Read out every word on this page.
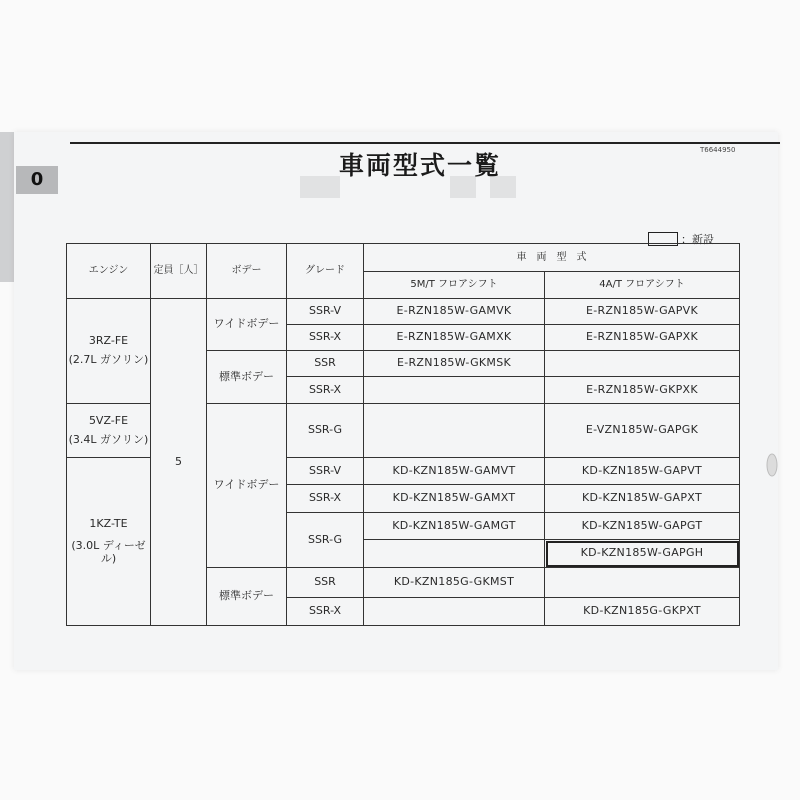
0	車両型式一覧
T6644950
：新設
エンジン	定員［人］	ボデー	グレード	車　両　型　式	
				5M/T フロアシフト	4A/T フロアシフト

3RZ-FE
(2.7L ガソリン)	5	ワイドボデー	SSR-V	E-RZN185W-GAMVK	E-RZN185W-GAPVK
			SSR-X	E-RZN185W-GAMXK	E-RZN185W-GAPXK
		標準ボデー	SSR	E-RZN185W-GKMSK	
			SSR-X		E-RZN185W-GKPXK

5VZ-FE
(3.4L ガソリン)		ワイドボデー	SSR-G		E-VZN185W-GAPGK

1KZ-TE
(3.0L ディーゼル)			SSR-V	KD-KZN185W-GAMVT	KD-KZN185W-GAPVT
			SSR-X	KD-KZN185W-GAMXT	KD-KZN185W-GAPXT
			SSR-G	KD-KZN185W-GAMGT	KD-KZN185W-GAPGT
					KD-KZN185W-GAPGH
		標準ボデー	SSR	KD-KZN185G-GKMST	
			SSR-X		KD-KZN185G-GKPXT
